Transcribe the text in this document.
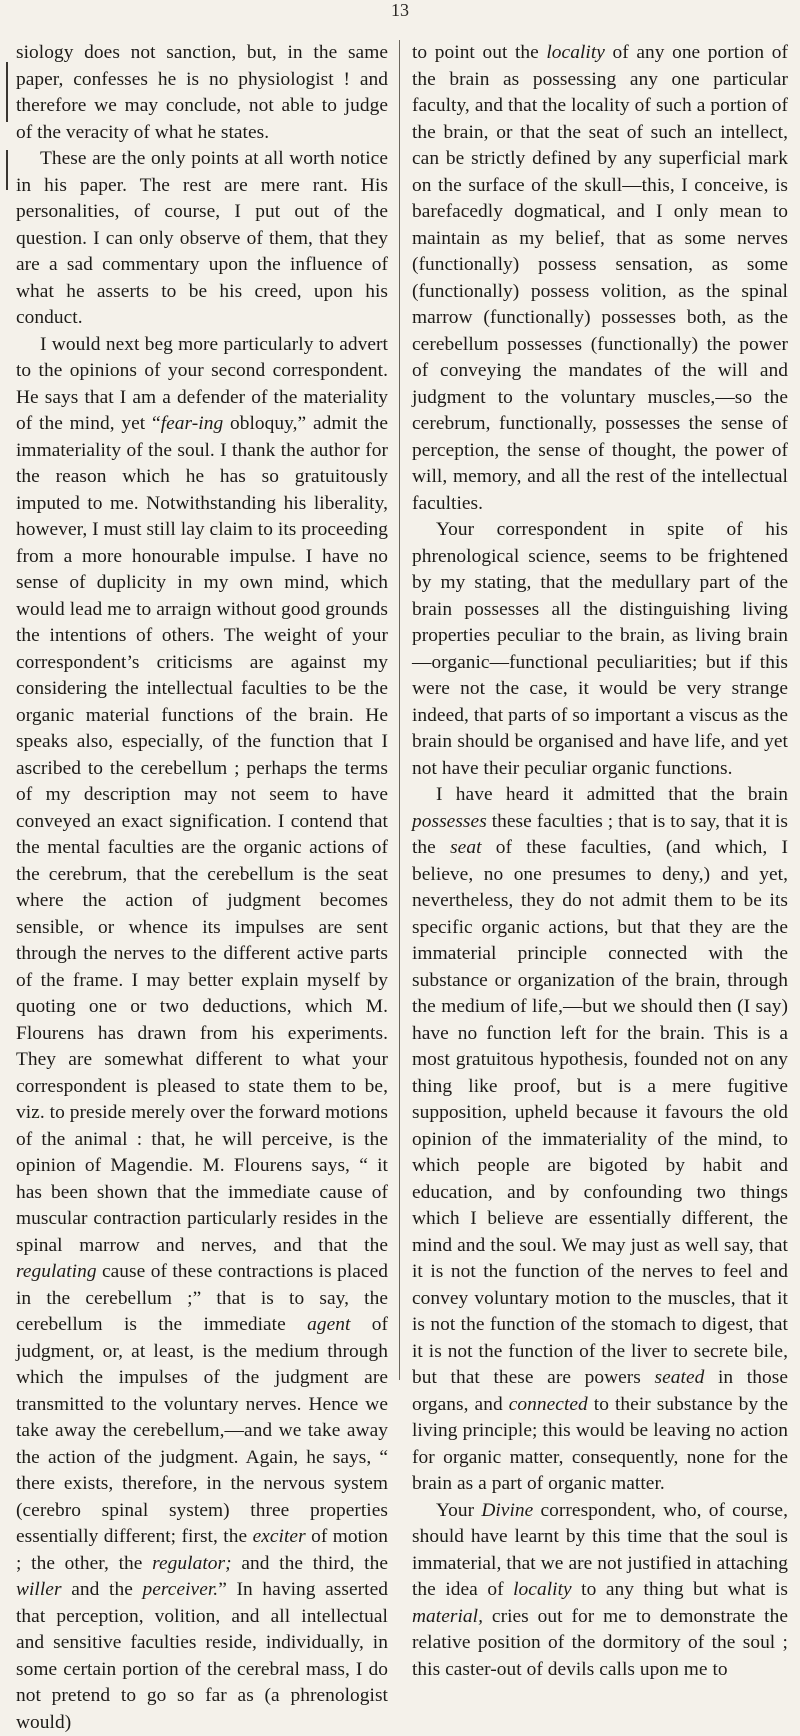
13

siology does not sanction, but, in the same paper, confesses he is no physiologist ! and therefore we may conclude, not able to judge of the veracity of what he states.

These are the only points at all worth notice in his paper. The rest are mere rant. His personalities, of course, I put out of the question. I can only observe of them, that they are a sad commentary upon the influence of what he asserts to be his creed, upon his conduct.

I would next beg more particularly to advert to the opinions of your second correspondent. He says that I am a defender of the materiality of the mind, yet “fear-ing obloquy,” admit the immateriality of the soul. I thank the author for the reason which he has so gratuitously imputed to me. Notwithstanding his liberality, however, I must still lay claim to its proceeding from a more honourable impulse. I have no sense of duplicity in my own mind, which would lead me to arraign without good grounds the intentions of others. The weight of your correspondent’s criticisms are against my considering the intellectual faculties to be the organic material functions of the brain. He speaks also, especially, of the function that I ascribed to the cerebellum ; perhaps the terms of my description may not seem to have conveyed an exact signification. I contend that the mental faculties are the organic actions of the cerebrum, that the cerebellum is the seat where the action of judgment becomes sensible, or whence its impulses are sent through the nerves to the different active parts of the frame. I may better explain myself by quoting one or two deductions, which M. Flourens has drawn from his experiments. They are somewhat different to what your correspondent is pleased to state them to be, viz. to preside merely over the forward motions of the animal : that, he will perceive, is the opinion of Magendie. M. Flourens says, “ it has been shown that the immediate cause of muscular contraction particularly resides in the spinal marrow and nerves, and that the regulating cause of these contractions is placed in the cerebellum ;” that is to say, the cerebellum is the immediate agent of judgment, or, at least, is the medium through which the impulses of the judgment are transmitted to the voluntary nerves. Hence we take away the cerebellum,—and we take away the action of the judgment. Again, he says, “ there exists, therefore, in the nervous system (cerebro spinal system) three properties essentially different; first, the exciter of motion ; the other, the regulator; and the third, the willer and the perceiver.” In having asserted that perception, volition, and all intellectual and sensitive faculties reside, individually, in some certain portion of the cerebral mass, I do not pretend to go so far as (a phrenologist would)

to point out the locality of any one portion of the brain as possessing any one particular faculty, and that the locality of such a portion of the brain, or that the seat of such an intellect, can be strictly defined by any superficial mark on the surface of the skull—this, I conceive, is barefacedly dogmatical, and I only mean to maintain as my belief, that as some nerves (functionally) possess sensation, as some (functionally) possess volition, as the spinal marrow (functionally) possesses both, as the cerebellum possesses (functionally) the power of conveying the mandates of the will and judgment to the voluntary muscles,—so the cerebrum, functionally, possesses the sense of perception, the sense of thought, the power of will, memory, and all the rest of the intellectual faculties.

Your correspondent in spite of his phrenological science, seems to be frightened by my stating, that the medullary part of the brain possesses all the distinguishing living properties peculiar to the brain, as living brain—organic—functional peculiarities; but if this were not the case, it would be very strange indeed, that parts of so important a viscus as the brain should be organised and have life, and yet not have their peculiar organic functions.

I have heard it admitted that the brain possesses these faculties ; that is to say, that it is the seat of these faculties, (and which, I believe, no one presumes to deny,) and yet, nevertheless, they do not admit them to be its specific organic actions, but that they are the immaterial principle connected with the substance or organization of the brain, through the medium of life,—but we should then (I say) have no function left for the brain. This is a most gratuitous hypothesis, founded not on any thing like proof, but is a mere fugitive supposition, upheld because it favours the old opinion of the immateriality of the mind, to which people are bigoted by habit and education, and by confounding two things which I believe are essentially different, the mind and the soul. We may just as well say, that it is not the function of the nerves to feel and convey voluntary motion to the muscles, that it is not the function of the stomach to digest, that it is not the function of the liver to secrete bile, but that these are powers seated in those organs, and connected to their substance by the living principle; this would be leaving no action for organic matter, consequently, none for the brain as a part of organic matter.

Your Divine correspondent, who, of course, should have learnt by this time that the soul is immaterial, that we are not justified in attaching the idea of locality to any thing but what is material, cries out for me to demonstrate the relative position of the dormitory of the soul ; this caster-out of devils calls upon me to
